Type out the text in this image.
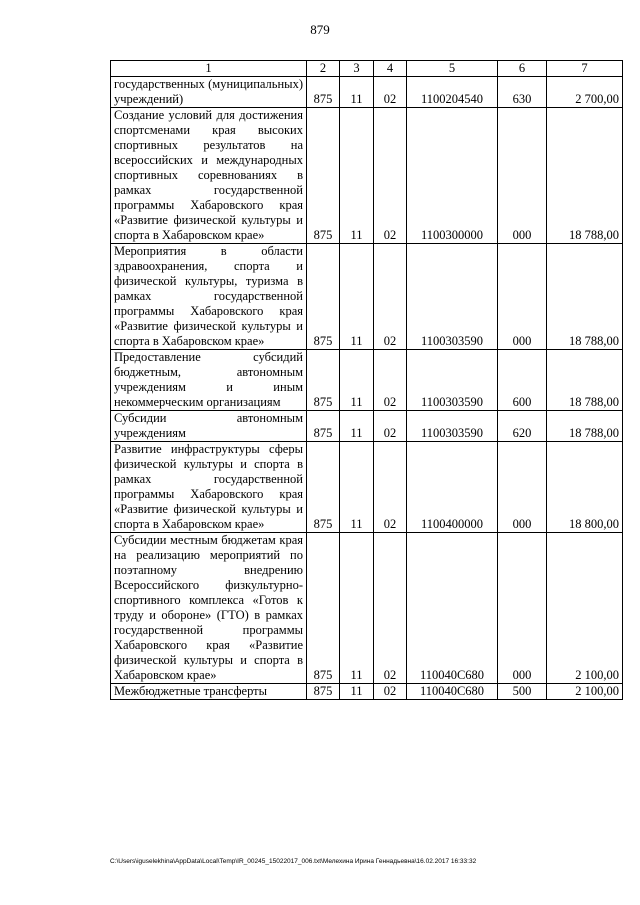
879
1	2	3	4	5	6	7

государственных (муниципальных) учреждений)	875	11	02	1100204540	630	2 700,00

Создание условий для достижения спортсменами края высоких спортивных результатов на всероссийских и международных спортивных соревнованиях в рамках государственной программы Хабаровского края «Развитие физической культуры и спорта в Хабаровском крае»	875	11	02	1100300000	000	18 788,00

Мероприятия в области здравоохранения, спорта и физической культуры, туризма в рамках государственной программы Хабаровского края «Развитие физической культуры и спорта в Хабаровском крае»	875	11	02	1100303590	000	18 788,00

Предоставление субсидий бюджетным, автономным учреждениям и иным некоммерческим организациям	875	11	02	1100303590	600	18 788,00

Субсидии автономным учреждениям	875	11	02	1100303590	620	18 788,00

Развитие инфраструктуры сферы физической культуры и спорта в рамках государственной программы Хабаровского края «Развитие физической культуры и спорта в Хабаровском крае»	875	11	02	1100400000	000	18 800,00

Субсидии местным бюджетам края на реализацию мероприятий по поэтапному внедрению Всероссийского физкультурно-спортивного комплекса «Готов к труду и обороне» (ГТО) в рамках государственной программы Хабаровского края «Развитие физической культуры и спорта в Хабаровском крае»	875	11	02	110040С680	000	2 100,00

Межбюджетные трансферты	875	11	02	110040С680	500	2 100,00
C:\Users\iguselekhina\AppData\Local\Temp\IR_00245_15022017_006.txt\Мелехина Ирина Геннадьевна\16.02.2017 16:33:32
